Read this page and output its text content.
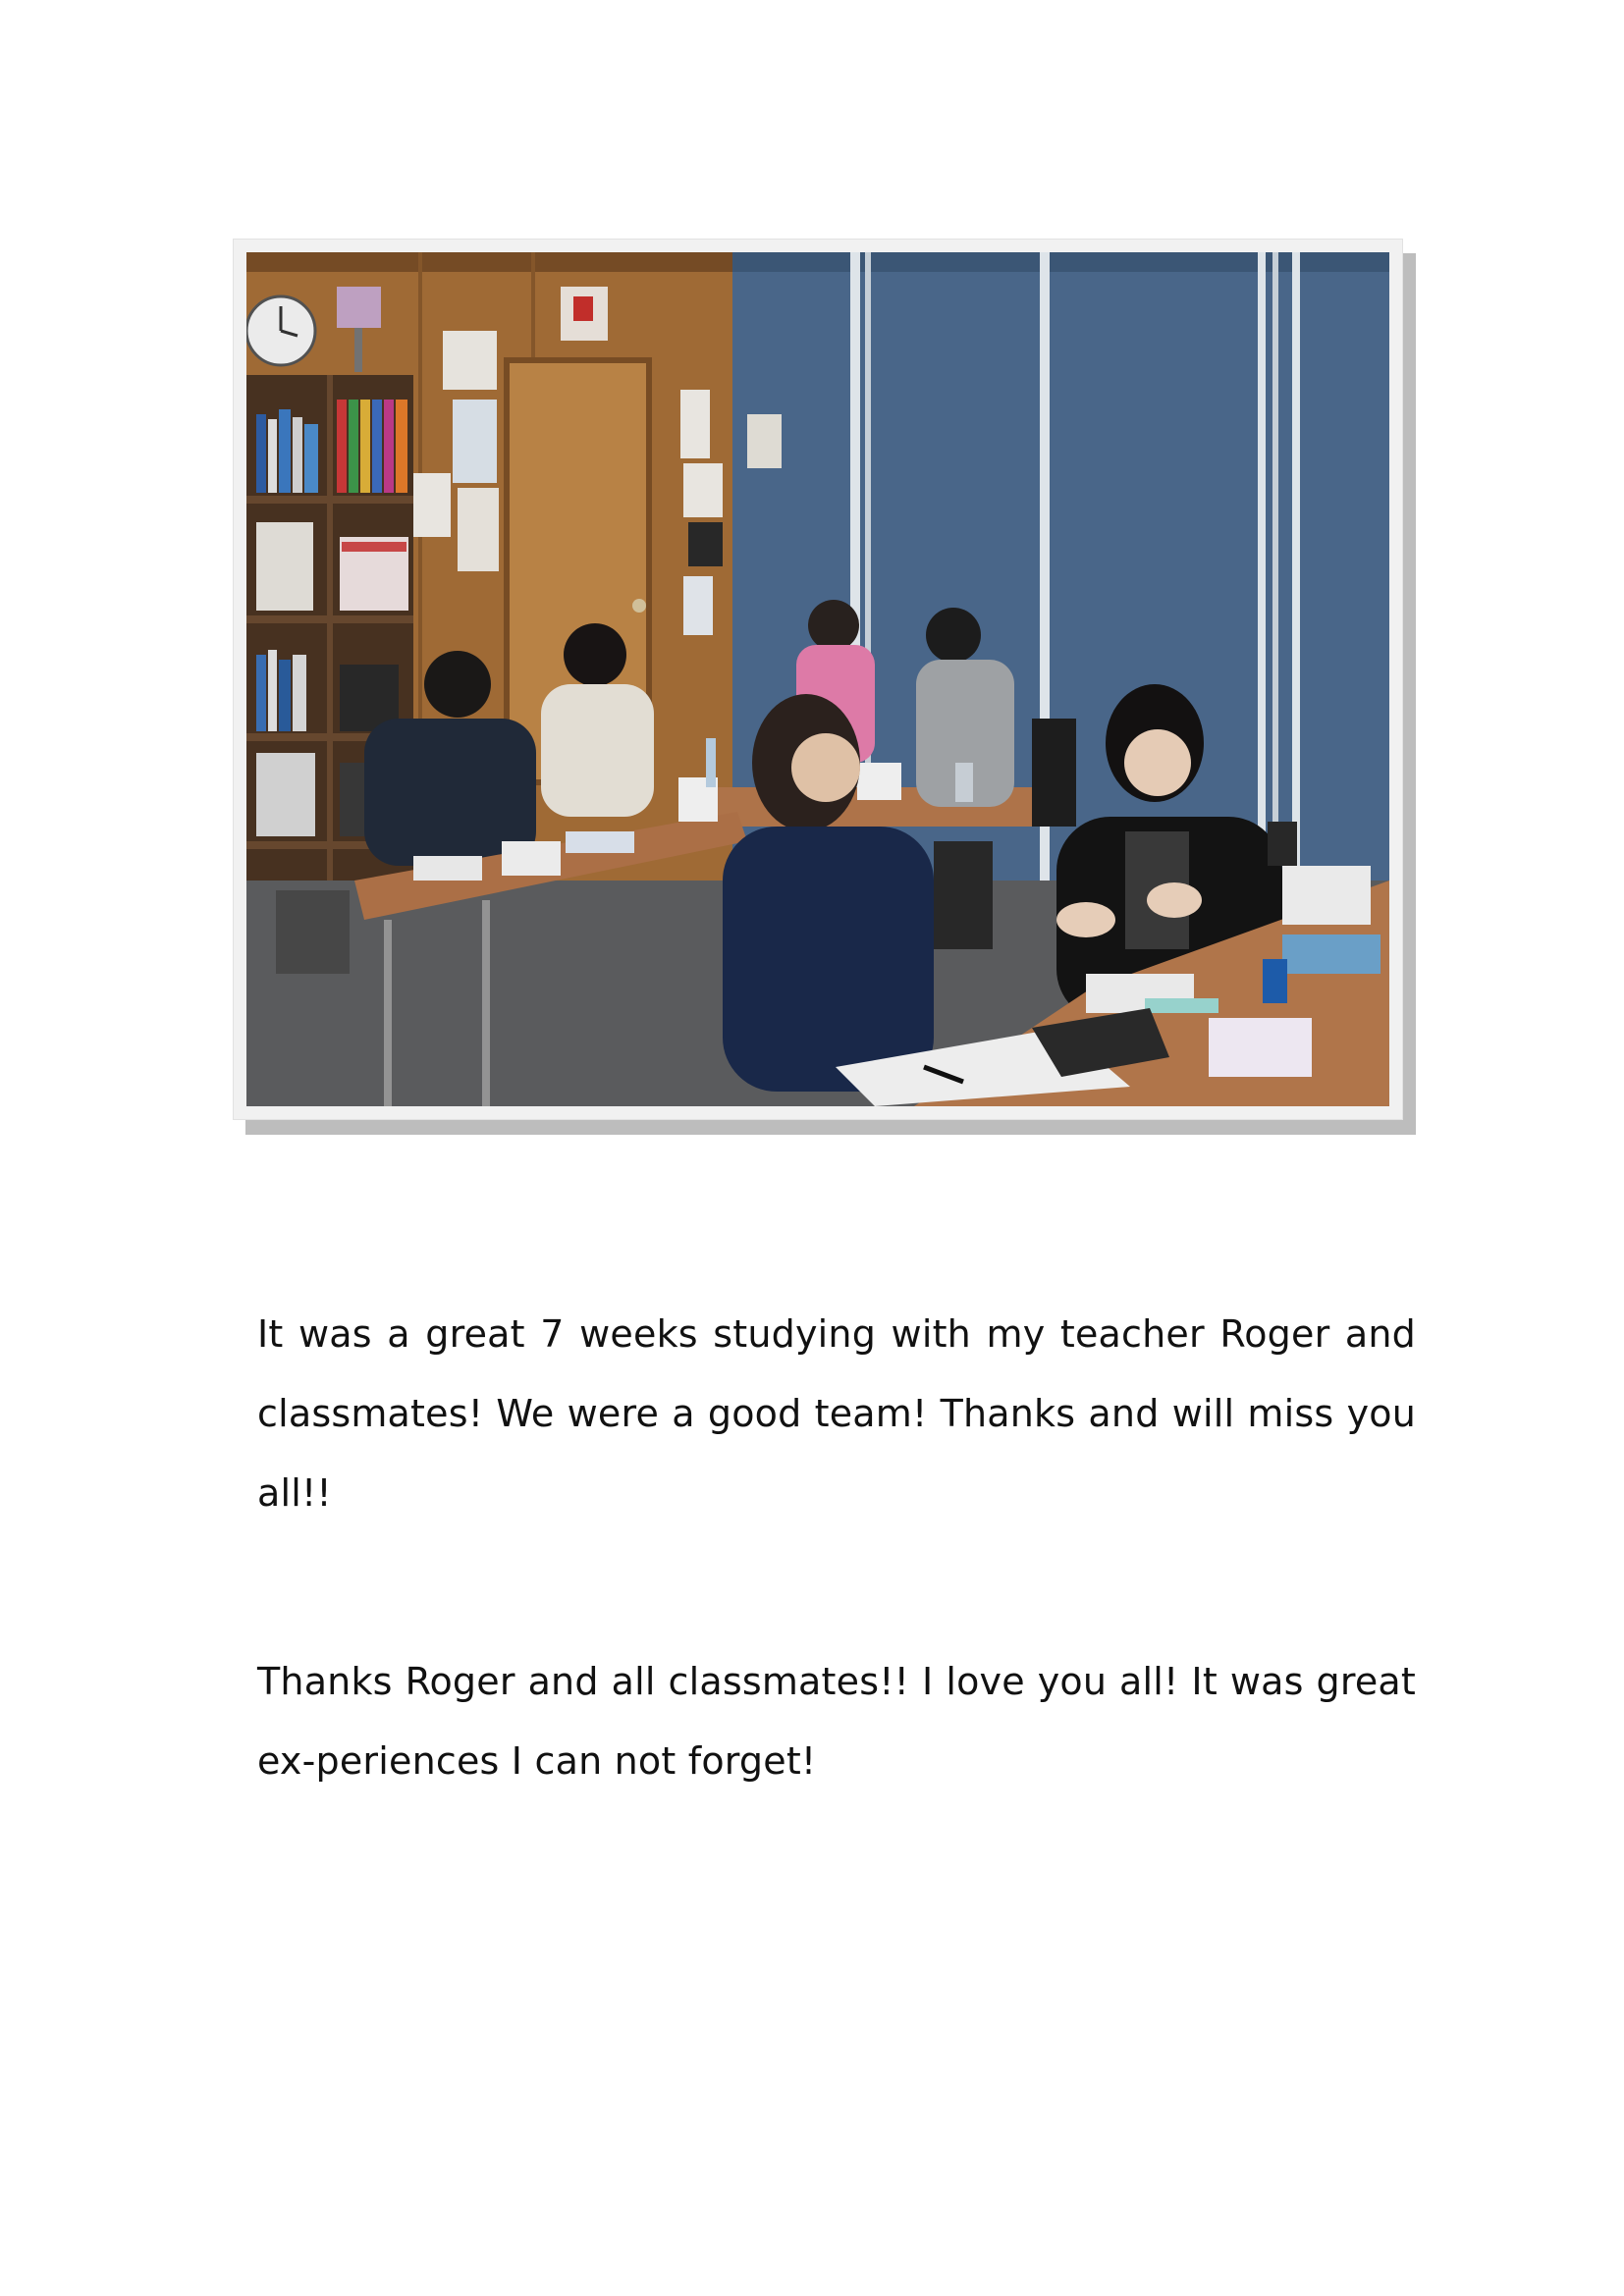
It was a great 7 weeks studying with my teacher Roger and classmates! We were a good team! Thanks and will miss you all!!

Thanks Roger and all classmates!! I love you all! It was great ex-periences I can not forget!
